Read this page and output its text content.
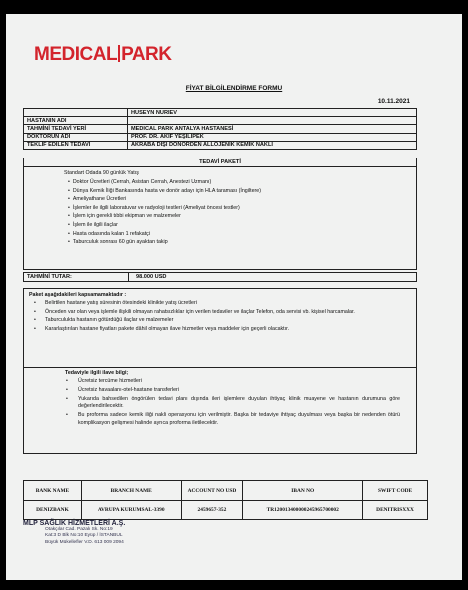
MEDICAL PARK
FİYAT BİLGİLENDİRME FORMU
10.11.2021
	HUSEYN NURIEV
HASTANIN ADI	
TAHMİNİ TEDAVİ YERİ	MEDICAL PARK ANTALYA HASTANESİ
DOKTORUN ADI	PROF. DR. AKİF YEŞİLİPEK
TEKLİF EDİLEN TEDAVİ	AKRABA DIŞI DÖNÖRDEN ALLOJENİK KEMİK NAKLİ
TEDAVİ PAKETİ
Standart Odada 90 günlük Yatış
• Doktor Ücretleri (Cerrah, Asistan Cerrah, Anestezi Uzmanı)
• Dünya Kemik İliği Bankasında hasta ve donör adayı için HLA taraması (İngiltere)
• Ameliyathane Ücretleri
• İşlemler ile ilgili laboratuvar ve radyoloji testleri (Ameliyat öncesi testler)
• İşlem için gerekli tıbbi ekipman ve malzemeler
• İşlem ile ilgili ilaçlar
• Hasta odasında kalan 1 refakatçi
• Taburculuk sonrası 60 gün ayaktan takip
TAHMİNİ TUTAR:	98.000 USD
Paket aşağıdakileri kapsamamaktadır :
• Belirtilen hastane yatış süresinin ötesindeki klinikte yatış ücretleri
• Önceden var olan veya işlemle ilişkili olmayan rahatsızlıklar için verilen tedaviler ve ilaçlar Telefon, oda servisi vb. kişisel harcamalar.
• Taburculukta hastanın götürdüğü ilaçlar ve malzemeler
• Kararlaştırılan hastane fiyatları pakete dâhil olmayan ilave hizmetler veya maddeler için geçerli olacaktır.
Tedaviyle ilgili ilave bilgi;
• Ücretsiz tercüme hizmetleri
• Ücretsiz havaalanı-otel-hastane transferleri
• Yukarıda bahsedilen öngörülen tedavi planı dışında ileri işlemlere duyulan ihtiyaç klinik muayene ve hastanın durumuna göre değerlendirilecektir.
• Bu proforma sadece kemik iliği nakli operasyonu için verilmiştir. Başka bir tedaviye ihtiyaç duyulması veya başka bir nedenden ötürü komplikasyon gelişmesi halinde ayrıca proforma iletilecektir.
BANK NAME	BRANCH NAME	ACCOUNT NO USD	IBAN NO	SWIFT CODE
DENIZBANK	AVRUPA KURUMSAL-3390	2459657-352	TR120013400000245965700002	DENITRISXXX
MLP SAĞLIK HİZMETLERİ A.Ş.
Otakçılar Cad. Pazalı Sk. No:19
Kat:3 D Blk No:10 Eyüp / İSTANBUL
Büyük Mükellefler V.D. 613 009 2094
